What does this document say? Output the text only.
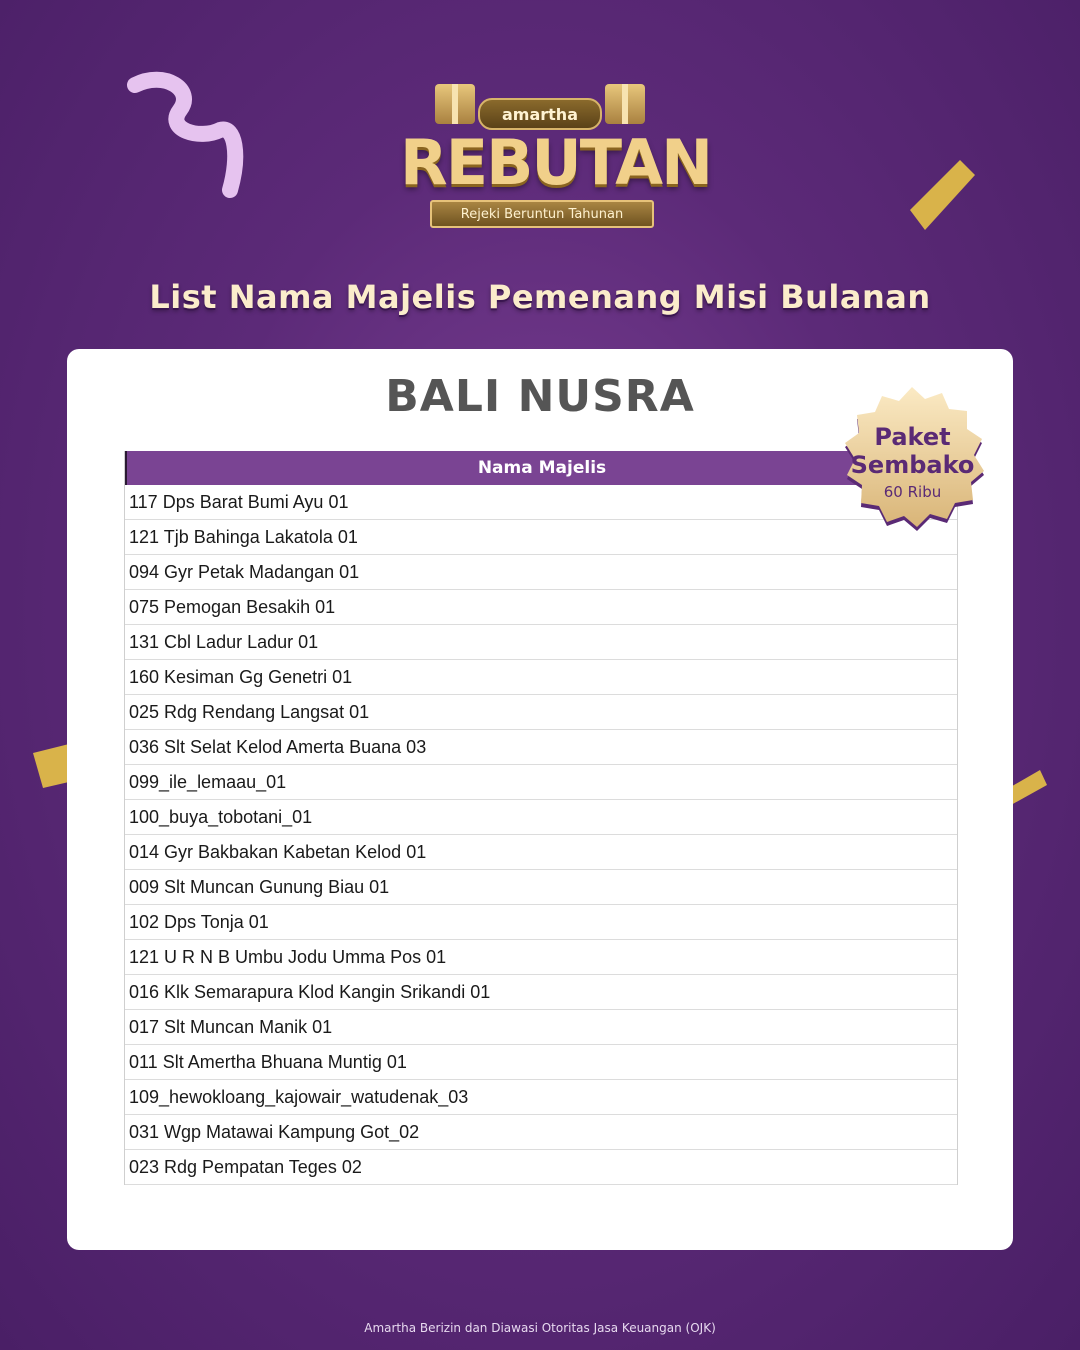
amartha
REBUTAN
Rejeki Beruntun Tahunan
List Nama Majelis Pemenang Misi Bulanan
BALI NUSRA
Nama Majelis
117 Dps Barat Bumi Ayu 01
121 Tjb Bahinga Lakatola 01
094 Gyr Petak Madangan 01
075 Pemogan Besakih 01
131 Cbl Ladur Ladur 01
160 Kesiman Gg Genetri 01
025 Rdg Rendang Langsat 01
036 Slt Selat Kelod Amerta Buana 03
099_ile_lemaau_01
100_buya_tobotani_01
014 Gyr Bakbakan Kabetan Kelod 01
009 Slt Muncan Gunung Biau 01
102 Dps Tonja 01
121 U R N B Umbu Jodu Umma Pos 01
016 Klk Semarapura Klod Kangin Srikandi 01
017 Slt Muncan Manik 01
011 Slt Amertha Bhuana Muntig 01
109_hewokloang_kajowair_watudenak_03
031 Wgp Matawai Kampung Got_02
023 Rdg Pempatan Teges 02
Paket
Sembako
60 Ribu
Amartha Berizin dan Diawasi Otoritas Jasa Keuangan (OJK)
